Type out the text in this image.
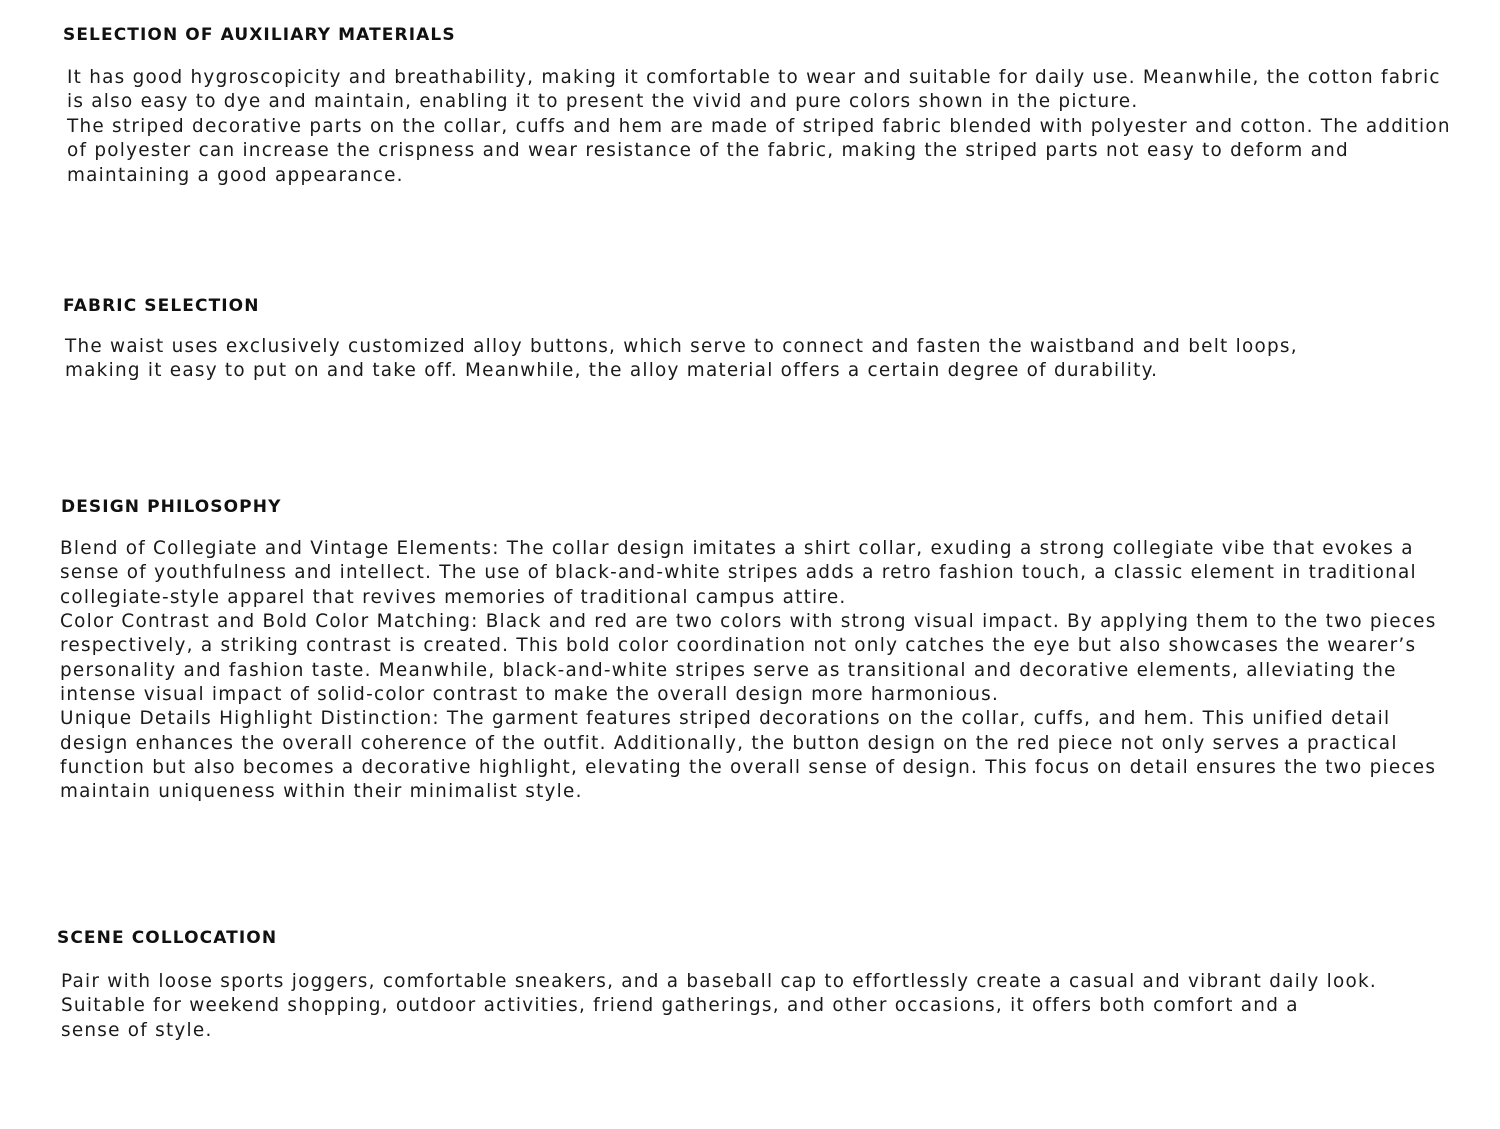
SELECTION OF AUXILIARY MATERIALS

It has good hygroscopicity and breathability, making it comfortable to wear and suitable for daily use. Meanwhile, the cotton fabric

is also easy to dye and maintain, enabling it to present the vivid and pure colors shown in the picture.

The striped decorative parts on the collar, cuffs and hem are made of striped fabric blended with polyester and cotton. The addition

of polyester can increase the crispness and wear resistance of the fabric, making the striped parts not easy to deform and

maintaining a good appearance.

FABRIC SELECTION

The waist uses exclusively customized alloy buttons, which serve to connect and fasten the waistband and belt loops,

making it easy to put on and take off. Meanwhile, the alloy material offers a certain degree of durability.

DESIGN PHILOSOPHY

Blend of Collegiate and Vintage Elements: The collar design imitates a shirt collar, exuding a strong collegiate vibe that evokes a

sense of youthfulness and intellect. The use of black-and-white stripes adds a retro fashion touch, a classic element in traditional

collegiate-style apparel that revives memories of traditional campus attire.

Color Contrast and Bold Color Matching: Black and red are two colors with strong visual impact. By applying them to the two pieces

respectively, a striking contrast is created. This bold color coordination not only catches the eye but also showcases the wearer’s

personality and fashion taste. Meanwhile, black-and-white stripes serve as transitional and decorative elements, alleviating the

intense visual impact of solid-color contrast to make the overall design more harmonious.

Unique Details Highlight Distinction: The garment features striped decorations on the collar, cuffs, and hem. This unified detail

design enhances the overall coherence of the outfit. Additionally, the button design on the red piece not only serves a practical

function but also becomes a decorative highlight, elevating the overall sense of design. This focus on detail ensures the two pieces

maintain uniqueness within their minimalist style.

SCENE COLLOCATION

Pair with loose sports joggers, comfortable sneakers, and a baseball cap to effortlessly create a casual and vibrant daily look.

Suitable for weekend shopping, outdoor activities, friend gatherings, and other occasions, it offers both comfort and a

sense of style.
